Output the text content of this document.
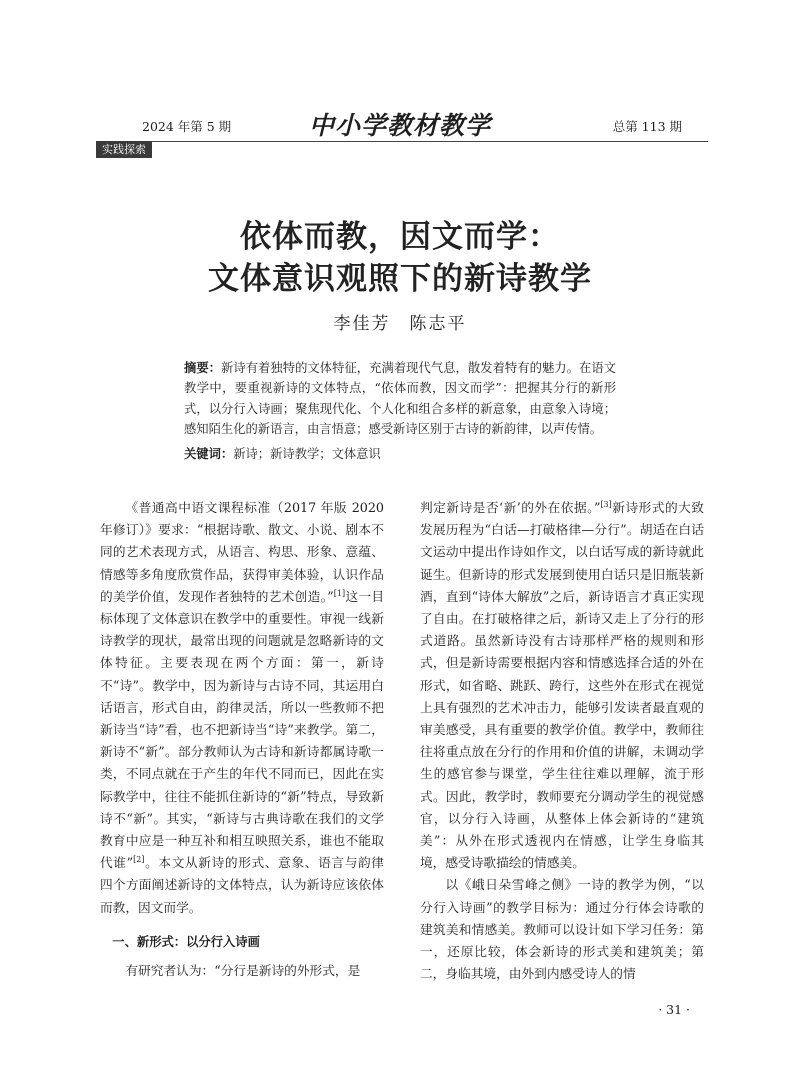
2024 年第 5 期	中小学教材教学	总第 113 期
实践探索
依体而教，因文而学：
文体意识观照下的新诗教学
李佳芳　陈志平
摘要：新诗有着独特的文体特征，充满着现代气息，散发着特有的魅力。在语文教学中，要重视新诗的文体特点，“依体而教，因文而学”：把握其分行的新形式，以分行入诗画；聚焦现代化、个人化和组合多样的新意象，由意象入诗境；感知陌生化的新语言，由言悟意；感受新诗区别于古诗的新韵律，以声传情。
关键词：新诗；新诗教学；文体意识

《普通高中语文课程标准（2017 年版 2020 年修订）》要求：“根据诗歌、散文、小说、剧本不同的艺术表现方式，从语言、构思、形象、意蕴、情感等多角度欣赏作品，获得审美体验，认识作品的美学价值，发现作者独特的艺术创造。”[1]这一目标体现了文体意识在教学中的重要性。审视一线新诗教学的现状，最常出现的问题就是忽略新诗的文体特征。主要表现在两个方面：第一，新诗不“诗”。教学中，因为新诗与古诗不同，其运用白话语言，形式自由，韵律灵活，所以一些教师不把新诗当“诗”看，也不把新诗当“诗”来教学。第二，新诗不“新”。部分教师认为古诗和新诗都属诗歌一类，不同点就在于产生的年代不同而已，因此在实际教学中，往往不能抓住新诗的“新”特点，导致新诗不“新”。其实，“新诗与古典诗歌在我们的文学教育中应是一种互补和相互映照关系，谁也不能取代谁”[2]。本文从新诗的形式、意象、语言与韵律四个方面阐述新诗的文体特点，认为新诗应该依体而教，因文而学。

一、新形式：以分行入诗画

有研究者认为：“分行是新诗的外形式，是

判定新诗是否‘新’的外在依据。”[3]新诗形式的大致发展历程为“白话—打破格律—分行”。胡适在白话文运动中提出作诗如作文，以白话写成的新诗就此诞生。但新诗的形式发展到使用白话只是旧瓶装新酒，直到“诗体大解放”之后，新诗语言才真正实现了自由。在打破格律之后，新诗又走上了分行的形式道路。虽然新诗没有古诗那样严格的规则和形式，但是新诗需要根据内容和情感选择合适的外在形式，如省略、跳跃、跨行，这些外在形式在视觉上具有强烈的艺术冲击力，能够引发读者最直观的审美感受，具有重要的教学价值。教学中，教师往往将重点放在分行的作用和价值的讲解，未调动学生的感官参与课堂，学生往往难以理解，流于形式。因此，教学时，教师要充分调动学生的视觉感官，以分行入诗画，从整体上体会新诗的“建筑美”：从外在形式透视内在情感，让学生身临其境，感受诗歌描绘的情感美。

以《峨日朵雪峰之侧》一诗的教学为例，“以分行入诗画”的教学目标为：通过分行体会诗歌的建筑美和情感美。教师可以设计如下学习任务：第一，还原比较，体会新诗的形式美和建筑美；第二，身临其境，由外到内感受诗人的情

· 31 ·
